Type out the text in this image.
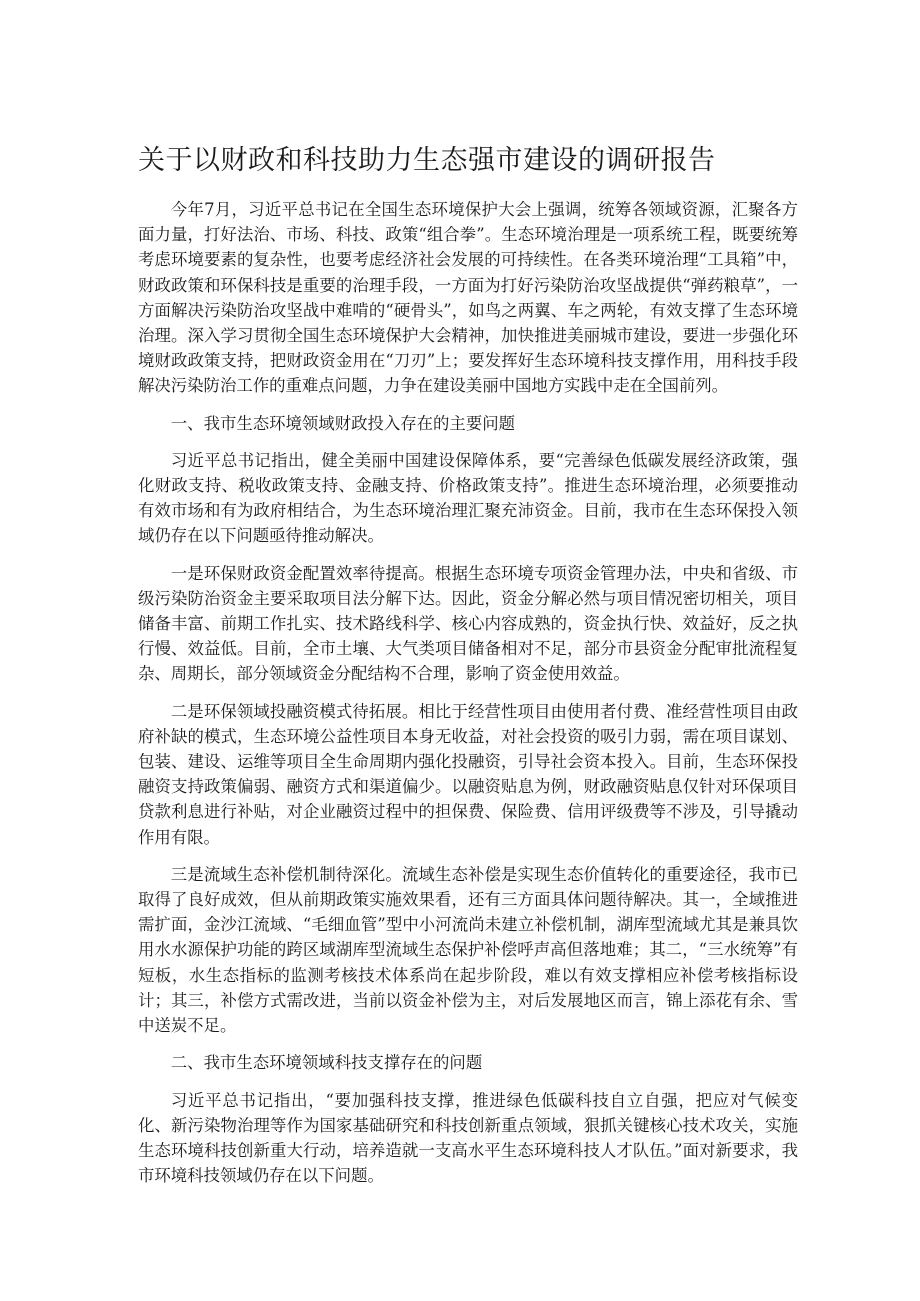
关于以财政和科技助力生态强市建设的调研报告

今年7月，习近平总书记在全国生态环境保护大会上强调，统筹各领域资源，汇聚各方面力量，打好法治、市场、科技、政策“组合拳”。生态环境治理是一项系统工程，既要统筹考虑环境要素的复杂性，也要考虑经济社会发展的可持续性。在各类环境治理“工具箱”中，财政政策和环保科技是重要的治理手段，一方面为打好污染防治攻坚战提供“弹药粮草”，一方面解决污染防治攻坚战中难啃的“硬骨头”，如鸟之两翼、车之两轮，有效支撑了生态环境治理。深入学习贯彻全国生态环境保护大会精神，加快推进美丽城市建设，要进一步强化环境财政政策支持，把财政资金用在“刀刃”上；要发挥好生态环境科技支撑作用，用科技手段解决污染防治工作的重难点问题，力争在建设美丽中国地方实践中走在全国前列。

一、我市生态环境领域财政投入存在的主要问题

习近平总书记指出，健全美丽中国建设保障体系，要“完善绿色低碳发展经济政策，强化财政支持、税收政策支持、金融支持、价格政策支持”。推进生态环境治理，必须要推动有效市场和有为政府相结合，为生态环境治理汇聚充沛资金。目前，我市在生态环保投入领域仍存在以下问题亟待推动解决。

一是环保财政资金配置效率待提高。根据生态环境专项资金管理办法，中央和省级、市级污染防治资金主要采取项目法分解下达。因此，资金分解必然与项目情况密切相关，项目储备丰富、前期工作扎实、技术路线科学、核心内容成熟的，资金执行快、效益好，反之执行慢、效益低。目前，全市土壤、大气类项目储备相对不足，部分市县资金分配审批流程复杂、周期长，部分领域资金分配结构不合理，影响了资金使用效益。

二是环保领域投融资模式待拓展。相比于经营性项目由使用者付费、准经营性项目由政府补缺的模式，生态环境公益性项目本身无收益，对社会投资的吸引力弱，需在项目谋划、包装、建设、运维等项目全生命周期内强化投融资，引导社会资本投入。目前，生态环保投融资支持政策偏弱、融资方式和渠道偏少。以融资贴息为例，财政融资贴息仅针对环保项目贷款利息进行补贴，对企业融资过程中的担保费、保险费、信用评级费等不涉及，引导撬动作用有限。

三是流域生态补偿机制待深化。流域生态补偿是实现生态价值转化的重要途径，我市已取得了良好成效，但从前期政策实施效果看，还有三方面具体问题待解决。其一，全域推进需扩面，金沙江流域、“毛细血管”型中小河流尚未建立补偿机制，湖库型流域尤其是兼具饮用水水源保护功能的跨区域湖库型流域生态保护补偿呼声高但落地难；其二，“三水统筹”有短板，水生态指标的监测考核技术体系尚在起步阶段，难以有效支撑相应补偿考核指标设计；其三，补偿方式需改进，当前以资金补偿为主，对后发展地区而言，锦上添花有余、雪中送炭不足。

二、我市生态环境领域科技支撑存在的问题

习近平总书记指出，“要加强科技支撑，推进绿色低碳科技自立自强，把应对气候变化、新污染物治理等作为国家基础研究和科技创新重点领域，狠抓关键核心技术攻关，实施生态环境科技创新重大行动，培养造就一支高水平生态环境科技人才队伍。”面对新要求，我市环境科技领域仍存在以下问题。
